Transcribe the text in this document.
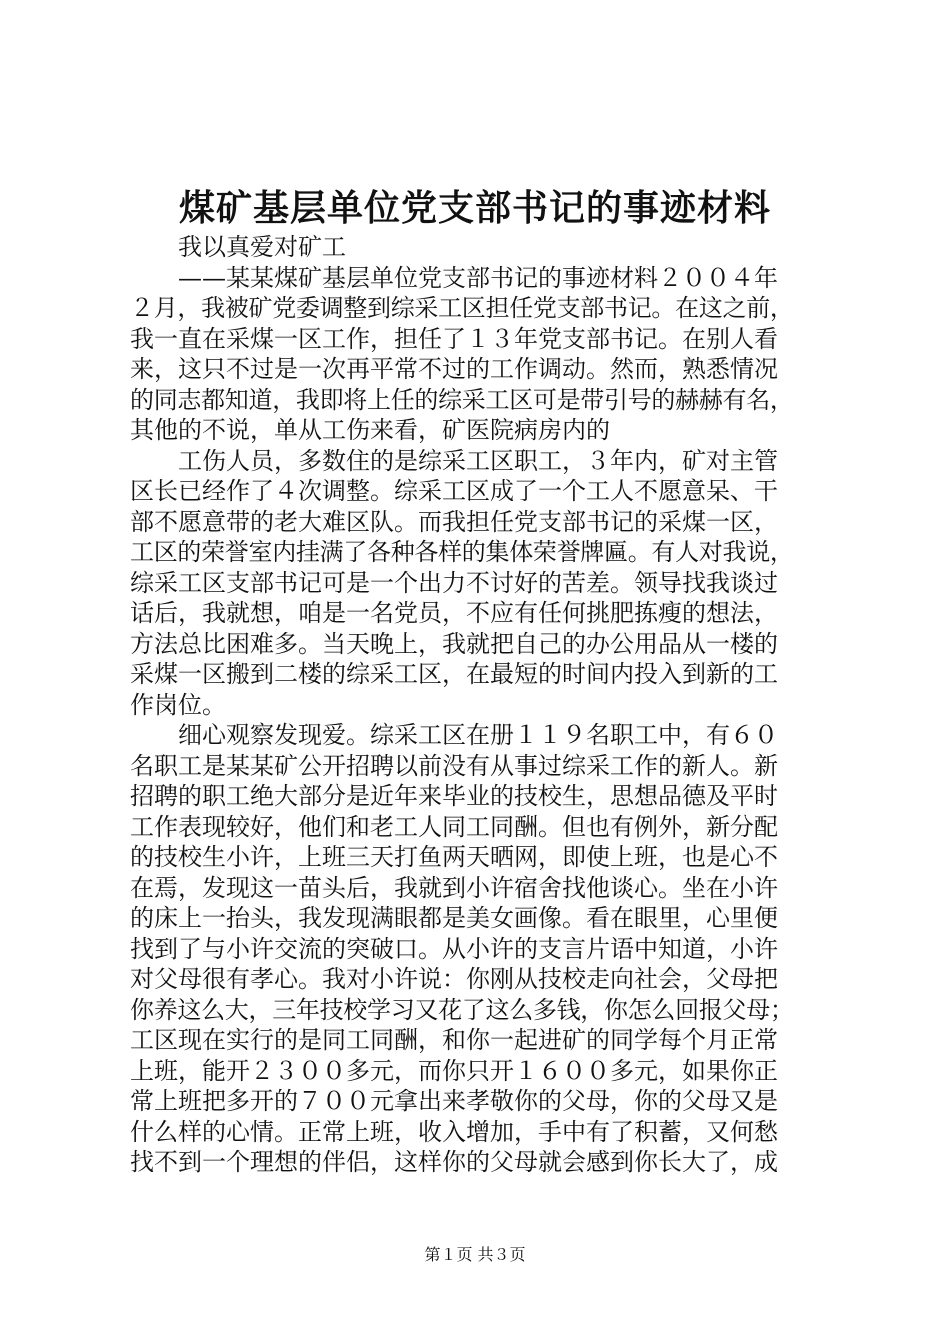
煤矿基层单位党支部书记的事迹材料
　　我以真爱对矿工
　　——某某煤矿基层单位党支部书记的事迹材料２００４年
２月，我被矿党委调整到综采工区担任党支部书记。在这之前，
我一直在采煤一区工作，担任了１３年党支部书记。在别人看
来，这只不过是一次再平常不过的工作调动。然而，熟悉情况
的同志都知道，我即将上任的综采工区可是带引号的赫赫有名，
其他的不说，单从工伤来看，矿医院病房内的
　　工伤人员，多数住的是综采工区职工，３年内，矿对主管
区长已经作了４次调整。综采工区成了一个工人不愿意呆、干
部不愿意带的老大难区队。而我担任党支部书记的采煤一区，
工区的荣誉室内挂满了各种各样的集体荣誉牌匾。有人对我说，
综采工区支部书记可是一个出力不讨好的苦差。领导找我谈过
话后，我就想，咱是一名党员，不应有任何挑肥拣瘦的想法，
方法总比困难多。当天晚上，我就把自己的办公用品从一楼的
采煤一区搬到二楼的综采工区，在最短的时间内投入到新的工
作岗位。
　　细心观察发现爱。综采工区在册１１９名职工中，有６０
名职工是某某矿公开招聘以前没有从事过综采工作的新人。新
招聘的职工绝大部分是近年来毕业的技校生，思想品德及平时
工作表现较好，他们和老工人同工同酬。但也有例外，新分配
的技校生小许，上班三天打鱼两天晒网，即使上班，也是心不
在焉，发现这一苗头后，我就到小许宿舍找他谈心。坐在小许
的床上一抬头，我发现满眼都是美女画像。看在眼里，心里便
找到了与小许交流的突破口。从小许的支言片语中知道，小许
对父母很有孝心。我对小许说：你刚从技校走向社会，父母把
你养这么大，三年技校学习又花了这么多钱，你怎么回报父母；
工区现在实行的是同工同酬，和你一起进矿的同学每个月正常
上班，能开２３００多元，而你只开１６００多元，如果你正
常上班把多开的７００元拿出来孝敬你的父母，你的父母又是
什么样的心情。正常上班，收入增加，手中有了积蓄，又何愁
找不到一个理想的伴侣，这样你的父母就会感到你长大了，成
第１页 共３页
